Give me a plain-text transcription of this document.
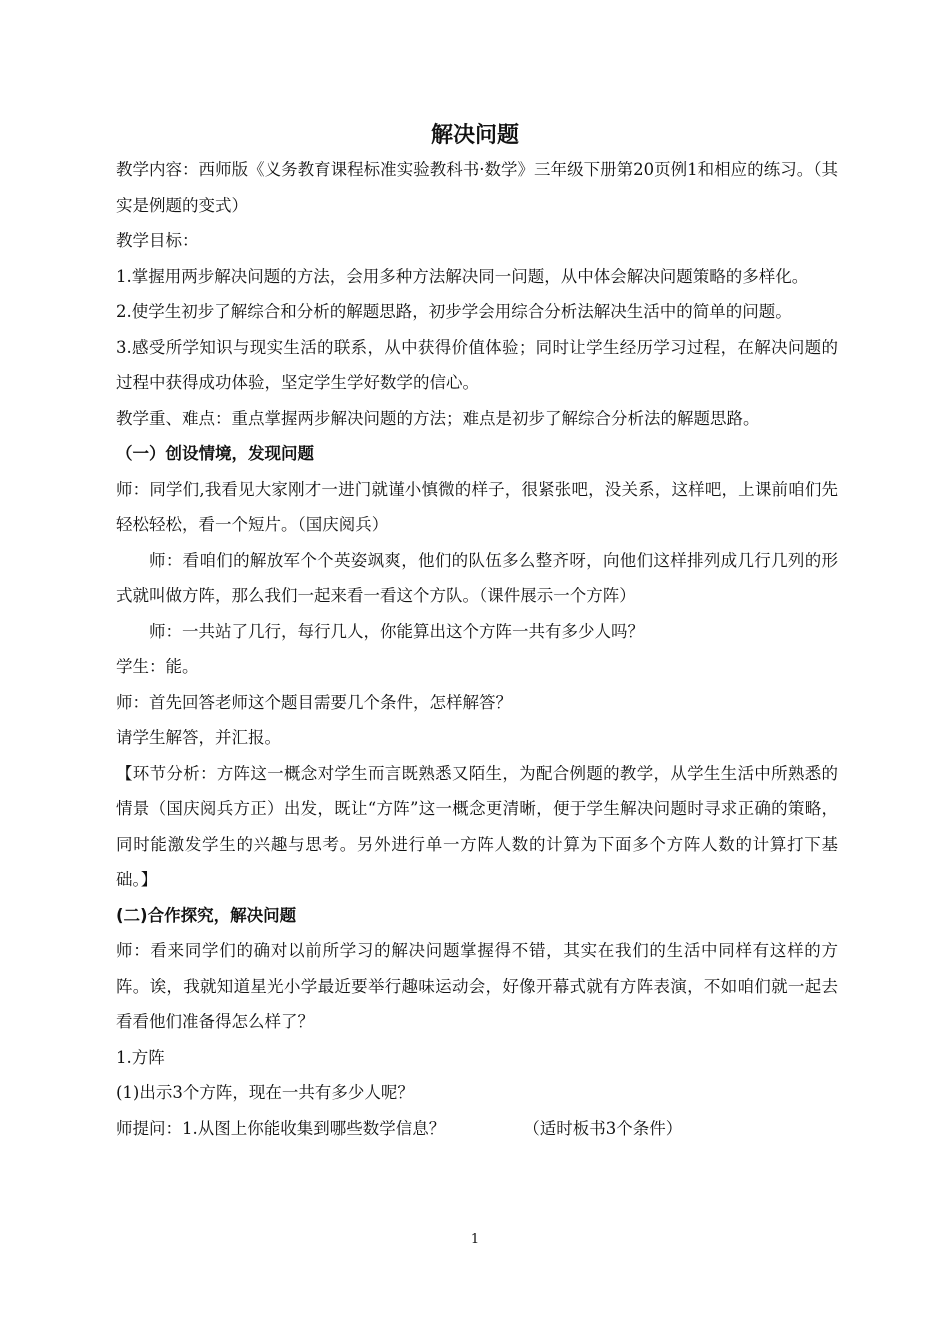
解决问题

教学内容：西师版《义务教育课程标准实验教科书·数学》三年级下册第20页例1和相应的练习。（其实是例题的变式）

教学目标：

1.掌握用两步解决问题的方法，会用多种方法解决同一问题，从中体会解决问题策略的多样化。

2.使学生初步了解综合和分析的解题思路，初步学会用综合分析法解决生活中的简单的问题。

3.感受所学知识与现实生活的联系，从中获得价值体验；同时让学生经历学习过程，在解决问题的过程中获得成功体验，坚定学生学好数学的信心。

教学重、难点：重点掌握两步解决问题的方法；难点是初步了解综合分析法的解题思路。

（一）创设情境，发现问题

师：同学们,我看见大家刚才一进门就谨小慎微的样子，很紧张吧，没关系，这样吧，上课前咱们先轻松轻松，看一个短片。（国庆阅兵）

师：看咱们的解放军个个英姿飒爽，他们的队伍多么整齐呀，向他们这样排列成几行几列的形式就叫做方阵，那么我们一起来看一看这个方队。（课件展示一个方阵）

师：一共站了几行，每行几人，你能算出这个方阵一共有多少人吗？

学生：能。

师：首先回答老师这个题目需要几个条件，怎样解答？

请学生解答，并汇报。

【环节分析：方阵这一概念对学生而言既熟悉又陌生，为配合例题的教学，从学生生活中所熟悉的情景（国庆阅兵方正）出发，既让“方阵”这一概念更清晰，便于学生解决问题时寻求正确的策略，同时能激发学生的兴趣与思考。另外进行单一方阵人数的计算为下面多个方阵人数的计算打下基础。】

(二)合作探究，解决问题

师：看来同学们的确对以前所学习的解决问题掌握得不错，其实在我们的生活中同样有这样的方阵。诶，我就知道星光小学最近要举行趣味运动会，好像开幕式就有方阵表演，不如咱们就一起去看看他们准备得怎么样了？

1.方阵

(1)出示3个方阵，现在一共有多少人呢？

师提问：1.从图上你能收集到哪些数学信息？	（适时板书3个条件）

1
